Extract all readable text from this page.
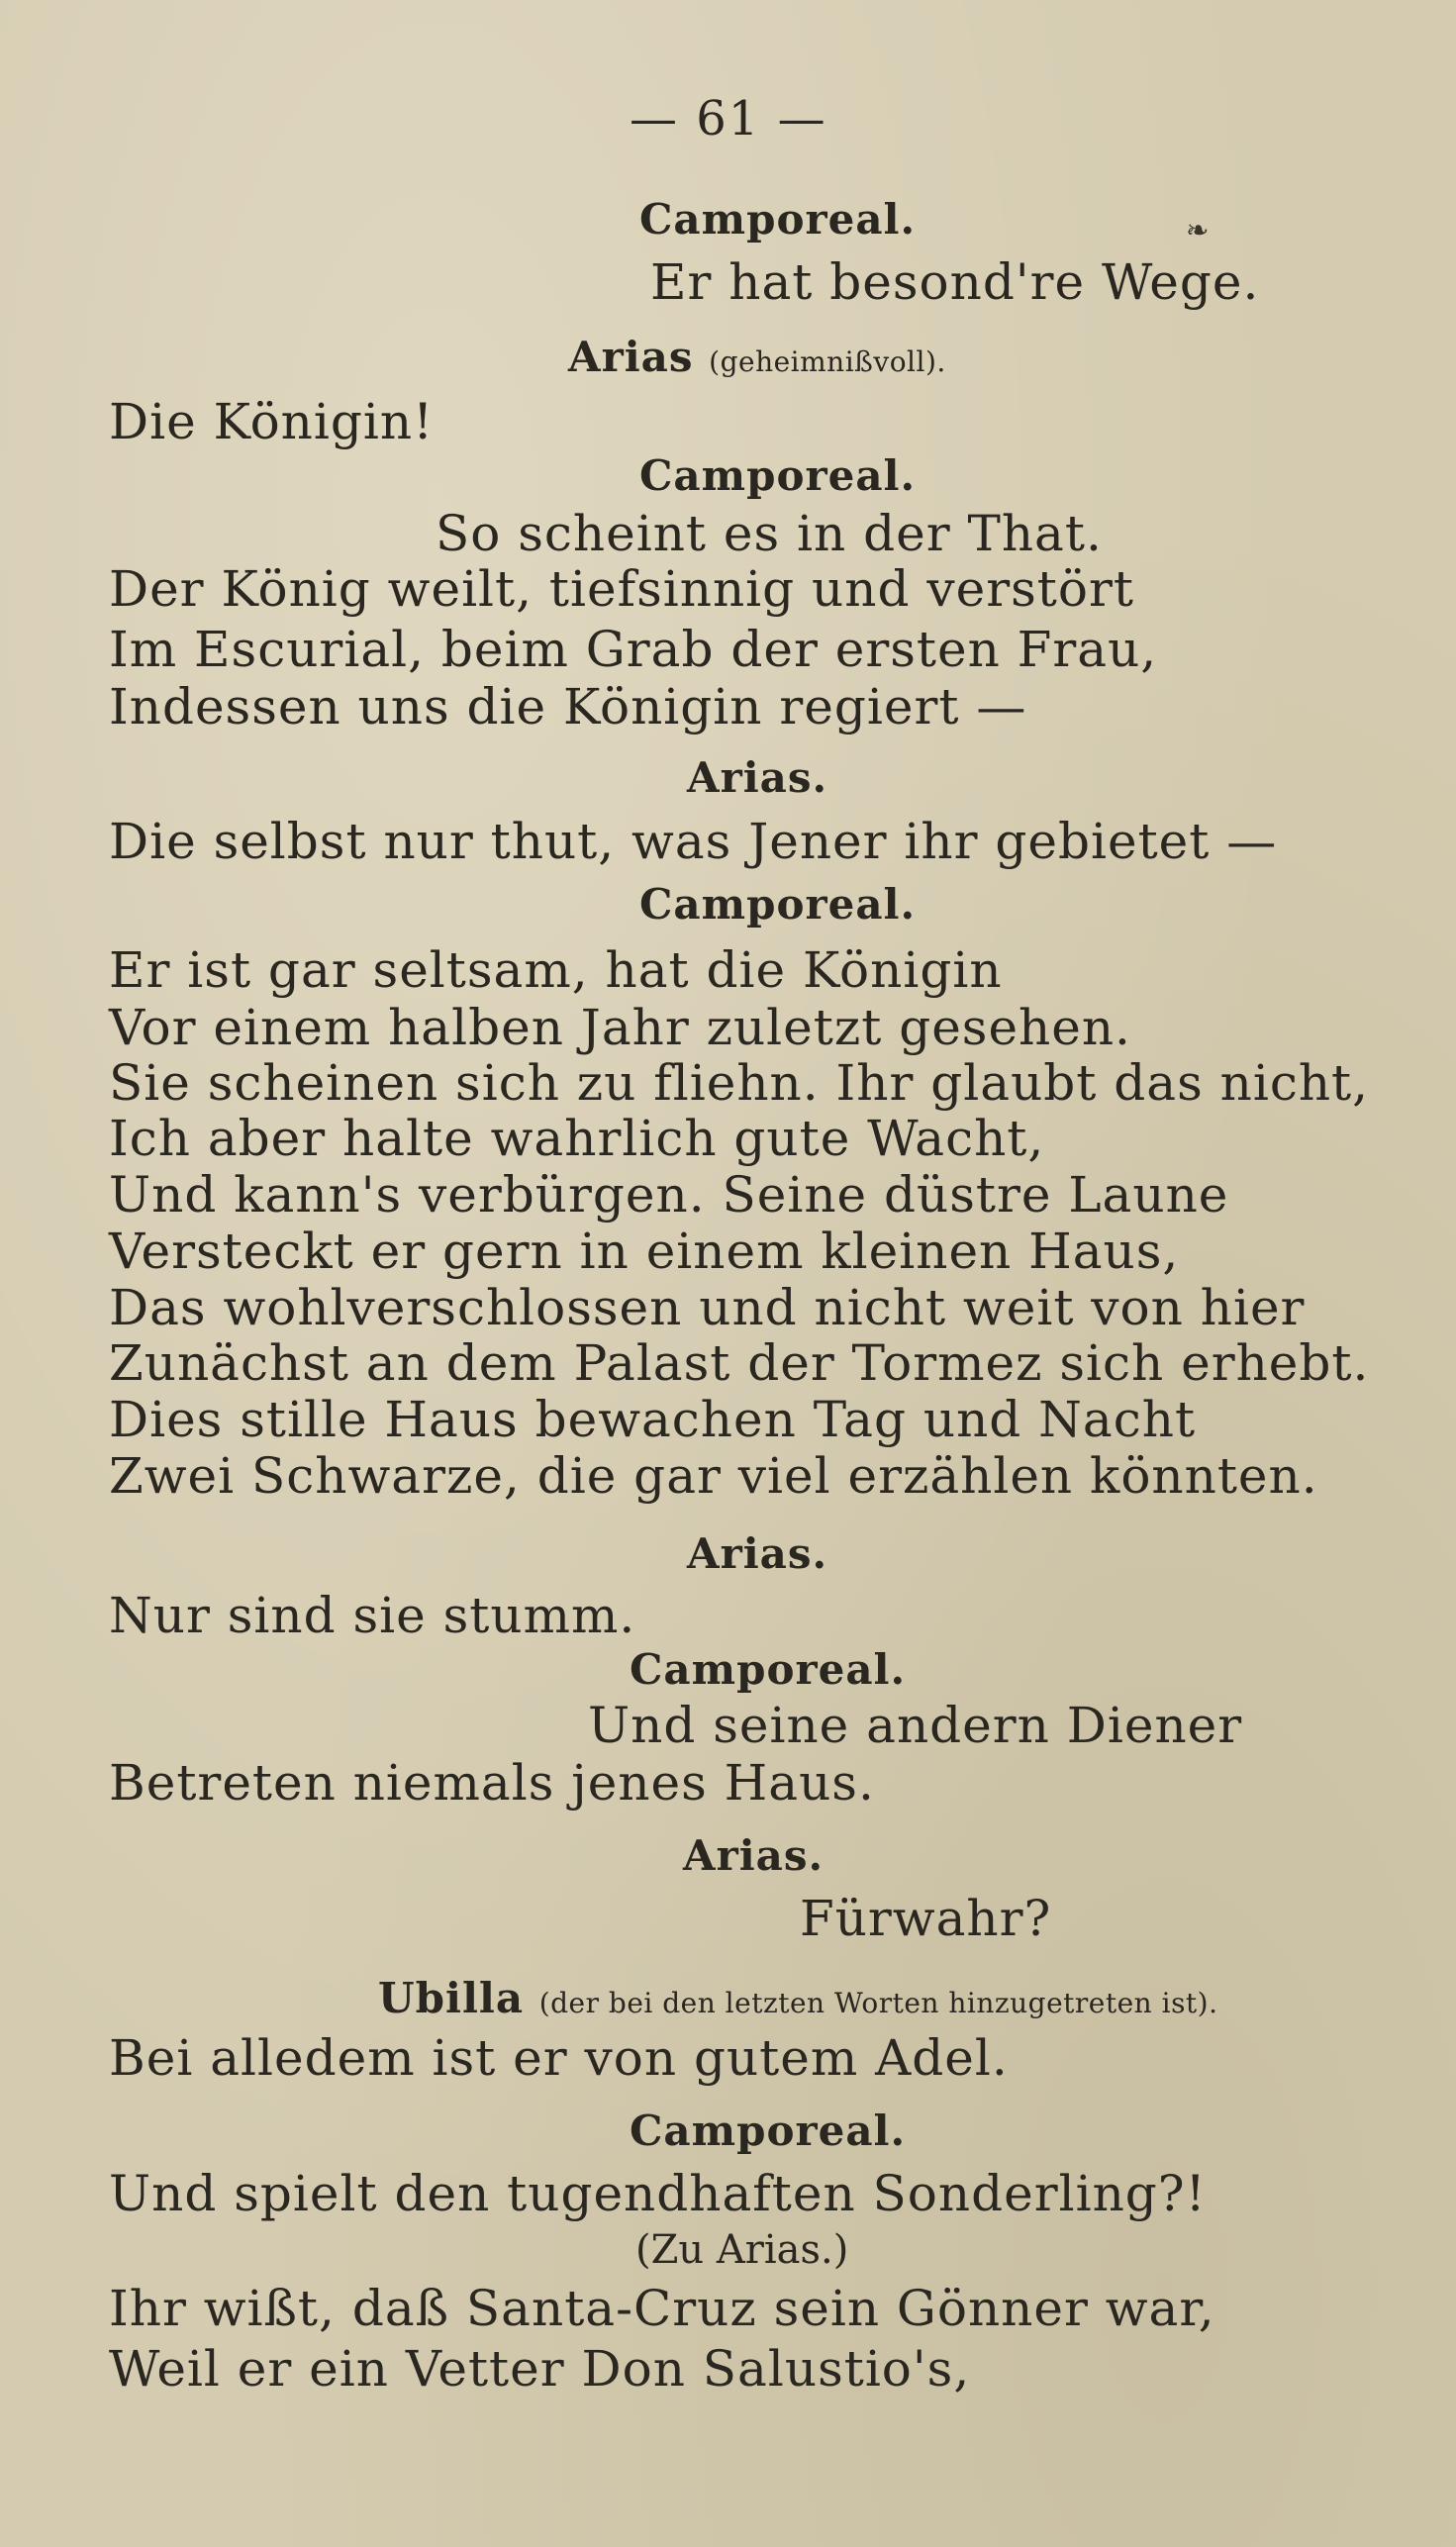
— 61 —
❧
Camporeal.
Er hat besond're Wege.
Arias (geheimnißvoll).
Die Königin!
Camporeal.
So scheint es in der That.
Der König weilt, tiefsinnig und verstört
Im Escurial, beim Grab der ersten Frau,
Indessen uns die Königin regiert —
Arias.
Die selbst nur thut, was Jener ihr gebietet —
Camporeal.
Er ist gar seltsam, hat die Königin
Vor einem halben Jahr zuletzt gesehen.
Sie scheinen sich zu fliehn. Ihr glaubt das nicht,
Ich aber halte wahrlich gute Wacht,
Und kann's verbürgen. Seine düstre Laune
Versteckt er gern in einem kleinen Haus,
Das wohlverschlossen und nicht weit von hier
Zunächst an dem Palast der Tormez sich erhebt.
Dies stille Haus bewachen Tag und Nacht
Zwei Schwarze, die gar viel erzählen könnten.
Arias.
Nur sind sie stumm.
Camporeal.
Und seine andern Diener
Betreten niemals jenes Haus.
Arias.
Fürwahr?
Ubilla (der bei den letzten Worten hinzugetreten ist).
Bei alledem ist er von gutem Adel.
Camporeal.
Und spielt den tugendhaften Sonderling?!
(Zu Arias.)
Ihr wißt, daß Santa-Cruz sein Gönner war,
Weil er ein Vetter Don Salustio's,
